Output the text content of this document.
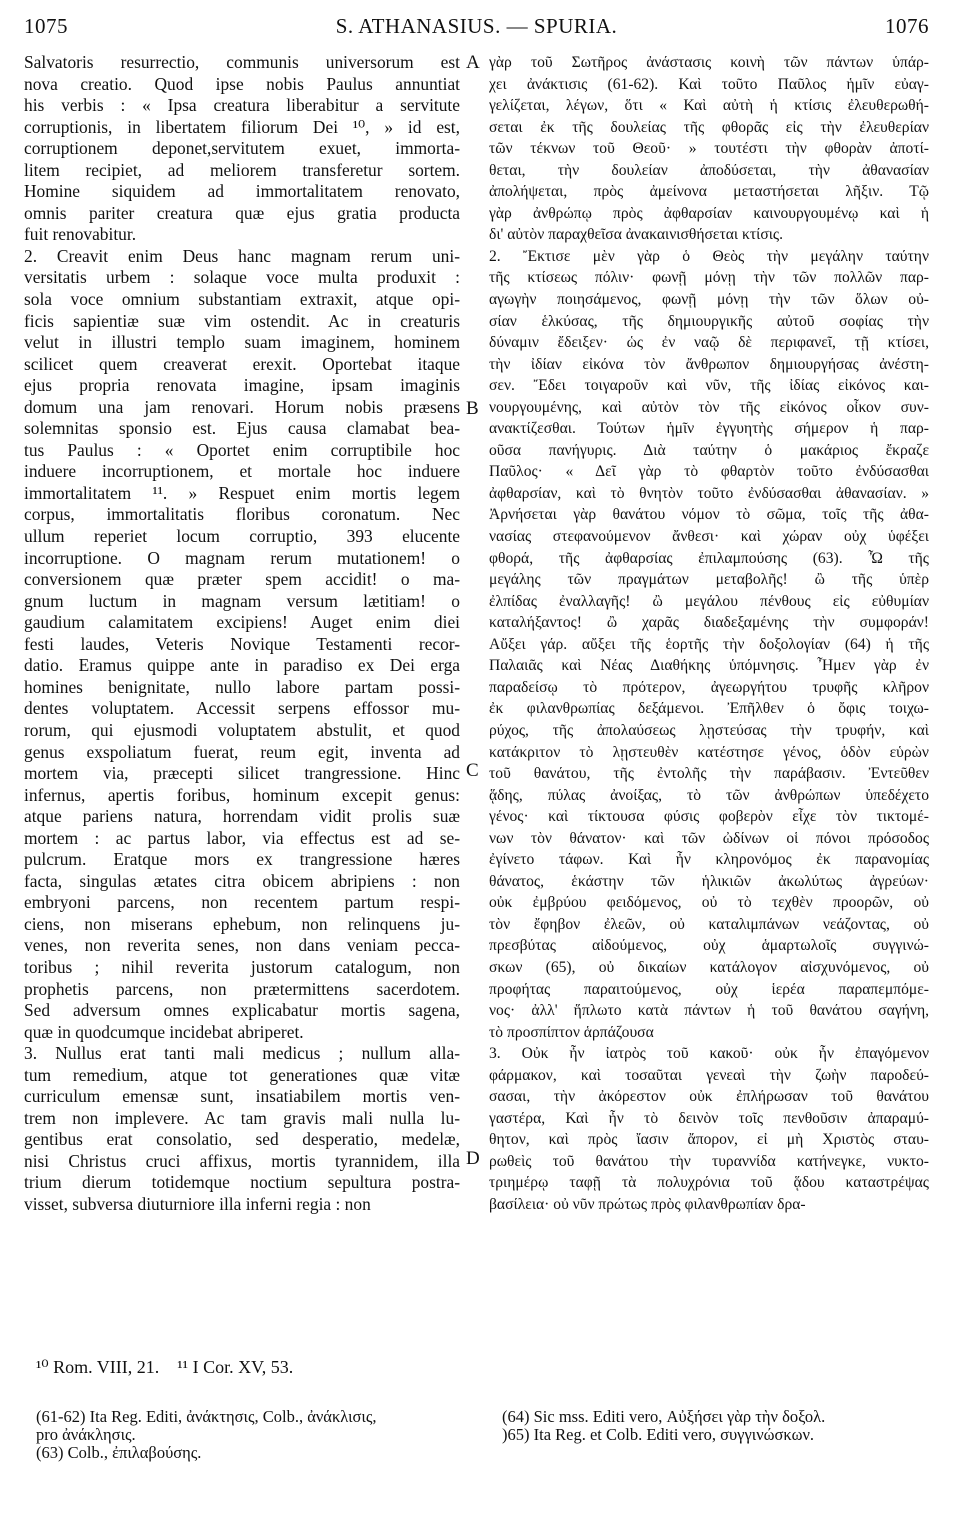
1075	S. ATHANASIUS. — SPURIA.	1076
Salvatoris resurrectio, communis universorum est
nova creatio. Quod ipse nobis Paulus annuntiat
his verbis : « Ipsa creatura liberabitur a servitute
corruptionis, in libertatem filiorum Dei ¹⁰, » id est,
corruptionem deponet,servitutem exuet, immorta-
litem recipiet, ad meliorem transferetur sortem.
Homine siquidem ad immortalitatem renovato,
omnis pariter creatura quæ ejus gratia producta
fuit renovabitur.
2. Creavit enim Deus hanc magnam rerum uni-
versitatis urbem : solaque voce multa produxit :
sola voce omnium substantiam extraxit, atque opi-
ficis sapientiæ suæ vim ostendit. Ac in creaturis
velut in illustri templo suam imaginem, hominem
scilicet quem creaverat erexit. Oportebat itaque
ejus propria renovata imagine, ipsam imaginis
domum una jam renovari. Horum nobis præsens
solemnitas sponsio est. Ejus causa clamabat bea-
tus Paulus : « Oportet enim corruptibile hoc
induere incorruptionem, et mortale hoc induere
immortalitatem ¹¹. » Respuet enim mortis legem
corpus, immortalitatis floribus coronatum. Nec
ullum reperiet locum corruptio, 393 elucente
incorruptione. O magnam rerum mutationem! o
conversionem quæ præter spem accidit! o ma-
gnum luctum in magnam versum lætitiam! o
gaudium calamitatem excipiens! Auget enim diei
festi laudes, Veteris Novique Testamenti recor-
datio. Eramus quippe ante in paradiso ex Dei erga
homines benignitate, nullo labore partam possi-
dentes voluptatem. Accessit serpens effossor mu-
rorum, qui ejusmodi voluptatem abstulit, et quod
genus exspoliatum fuerat, reum egit, inventa ad
mortem via, præcepti silicet trangressione. Hinc
infernus, apertis foribus, hominum excepit genus:
atque pariens natura, horrendam vidit prolis suæ
mortem : ac partus labor, via effectus est ad se-
pulcrum. Eratque mors ex trangressione hæres
facta, singulas ætates citra obicem abripiens : non
embryoni parcens, non recentem partum respi-
ciens, non miserans ephebum, non relinquens ju-
venes, non reverita senes, non dans veniam pecca-
toribus ; nihil reverita justorum catalogum, non
prophetis parcens, non prætermittens sacerdotem.
Sed adversum omnes explicabatur mortis sagena,
quæ in quodcumque incidebat abriperet.
3. Nullus erat tanti mali medicus ; nullum alla-
tum remedium, atque tot generationes quæ vitæ
curriculum emensæ sunt, insatiabilem mortis ven-
trem non implevere. Ac tam gravis mali nulla lu-
gentibus erat consolatio, sed desperatio, medelæ,
nisi Christus cruci affixus, mortis tyrannidem, illa
trium dierum totidemque noctium sepultura postra-
visset, subversa diuturniore illa inferni regia : non
γὰρ τοῦ Σωτῆρος ἀνάστασις κοινὴ τῶν πάντων ὑπάρ-
χει ἀνάκτισις (61-62). Καὶ τοῦτο Παῦλος ἡμῖν εὐαγ-
γελίζεται, λέγων, ὅτι « Καὶ αὐτὴ ἡ κτίσις ἐλευθερωθή-
σεται ἐκ τῆς δουλείας τῆς φθορᾶς εἰς τὴν ἐλευθερίαν
τῶν τέκνων τοῦ Θεοῦ· » τουτέστι τὴν φθορὰν ἀποτί-
θεται, τὴν δουλείαν ἀποδύσεται, τὴν ἀθανασίαν
ἀπολήψεται, πρὸς ἀμείνονα μεταστήσεται λῆξιν. Τῷ
γὰρ ἀνθρώπῳ πρὸς ἀφθαρσίαν καινουργουμένῳ καὶ ἡ
δι' αὐτὸν παραχθεῖσα ἀνακαινισθήσεται κτίσις.
2. Ἔκτισε μὲν γὰρ ὁ Θεὸς τὴν μεγάλην ταύτην
τῆς κτίσεως πόλιν· φωνῇ μόνῃ τὴν τῶν πολλῶν παρ-
αγωγὴν ποιησάμενος, φωνῇ μόνῃ τὴν τῶν ὅλων οὐ-
σίαν ἑλκύσας, τῆς δημιουργικῆς αὐτοῦ σοφίας τὴν
δύναμιν ἔδειξεν· ὡς ἐν ναῷ δὲ περιφανεῖ, τῇ κτίσει,
τὴν ἰδίαν εἰκόνα τὸν ἄνθρωπον δημιουργήσας ἀνέστη-
σεν. Ἔδει τοιγαροῦν καὶ νῦν, τῆς ἰδίας εἰκόνος και-
νουργουμένης, καὶ αὐτὸν τὸν τῆς εἰκόνος οἶκον συν-
ανακτίζεσθαι. Τούτων ἡμῖν ἐγγυητὴς σήμερον ἡ παρ-
οῦσα πανήγυρις. Διὰ ταύτην ὁ μακάριος ἔκραζε
Παῦλος· « Δεῖ γὰρ τὸ φθαρτὸν τοῦτο ἐνδύσασθαι
ἀφθαρσίαν, καὶ τὸ θνητὸν τοῦτο ἐνδύσασθαι ἀθανασίαν. »
Ἀρνήσεται γὰρ θανάτου νόμον τὸ σῶμα, τοῖς τῆς ἀθα-
νασίας στεφανούμενον ἄνθεσι· καὶ χώραν οὐχ ὑφέξει
φθορά, τῆς ἀφθαρσίας ἐπιλαμπούσης (63). Ὦ τῆς
μεγάλης τῶν πραγμάτων μεταβολῆς! ὢ τῆς ὑπὲρ
ἐλπίδας ἐναλλαγῆς! ὢ μεγάλου πένθους εἰς εὐθυμίαν
καταλήξαντος! ὢ χαρᾶς διαδεξαμένης τὴν συμφοράν!
Αὔξει γάρ. αὔξει τῆς ἑορτῆς τὴν δοξολογίαν (64) ἡ τῆς
Παλαιᾶς καὶ Νέας Διαθήκης ὑπόμνησις. Ἦμεν γὰρ ἐν
παραδείσῳ τὸ πρότερον, ἀγεωργήτου τρυφῆς κλῆρον
ἐκ φιλανθρωπίας δεξάμενοι. Ἐπῆλθεν ὁ ὄφις τοιχω-
ρύχος, τῆς ἀπολαύσεως λῃστεύσας τὴν τρυφήν, καὶ
κατάκριτον τὸ λῃστευθὲν κατέστησε γένος, ὁδὸν εὑρὼν
τοῦ θανάτου, τῆς ἐντολῆς τὴν παράβασιν. Ἐντεῦθεν
ᾅδης, πύλας ἀνοίξας, τὸ τῶν ἀνθρώπων ὑπεδέχετο
γένος· καὶ τίκτουσα φύσις φοβερὸν εἶχε τὸν τικτομέ-
νων τὸν θάνατον· καὶ τῶν ὠδίνων οἱ πόνοι πρόσοδος
ἐγίνετο τάφων. Καὶ ἦν κληρονόμος ἐκ παρανομίας
θάνατος, ἑκάστην τῶν ἡλικιῶν ἀκωλύτως ἀγρεύων·
οὐκ ἐμβρύου φειδόμενος, οὐ τὸ τεχθὲν προορῶν, οὐ
τὸν ἔφηβον ἐλεῶν, οὐ καταλιμπάνων νεάζοντας, οὐ
πρεσβύτας αἰδούμενος, οὐχ ἁμαρτωλοῖς συγγινώ-
σκων (65), οὐ δικαίων κατάλογον αἰσχυνόμενος, οὐ
προφήτας παραιτούμενος, οὐχ ἱερέα παραπεμπόμε-
νος· ἀλλ' ἥπλωτο κατὰ πάντων ἡ τοῦ θανάτου σαγήνη,
τὸ προσπίπτον ἁρπάζουσα
3. Οὐκ ἦν ἰατρὸς τοῦ κακοῦ· οὐκ ἦν ἐπαγόμενον
φάρμακον, καὶ τοσαῦται γενεαὶ τὴν ζωὴν παροδεύ-
σασαι, τὴν ἀκόρεστον οὐκ ἐπλήρωσαν τοῦ θανάτου
γαστέρα, Καὶ ἦν τὸ δεινὸν τοῖς πενθοῦσιν ἀπαραμύ-
θητον, καὶ πρὸς ἴασιν ἄπορον, εἰ μὴ Χριστὸς σταυ-
ρωθεὶς τοῦ θανάτου τὴν τυραννίδα κατήνεγκε, νυκτο-
τριημέρῳ ταφῇ τὰ πολυχρόνια τοῦ ᾅδου καταστρέψας
βασίλεια· οὐ νῦν πρώτως πρὸς φιλανθρωπίαν δρα-
A
B
C
D
¹⁰ Rom. VIII, 21. ¹¹ I Cor. XV, 53.
(61-62) Ita Reg. Editi, ἀνάκτησις, Colb., ἀνάκλισις,
pro ἀνάκλησις.
(63) Colb., ἐπιλαβούσης.
(64) Sic mss. Editi vero, Αὐξήσει γὰρ τὴν δοξολ.
)65) Ita Reg. et Colb. Editi vero, συγγινώσκων.
